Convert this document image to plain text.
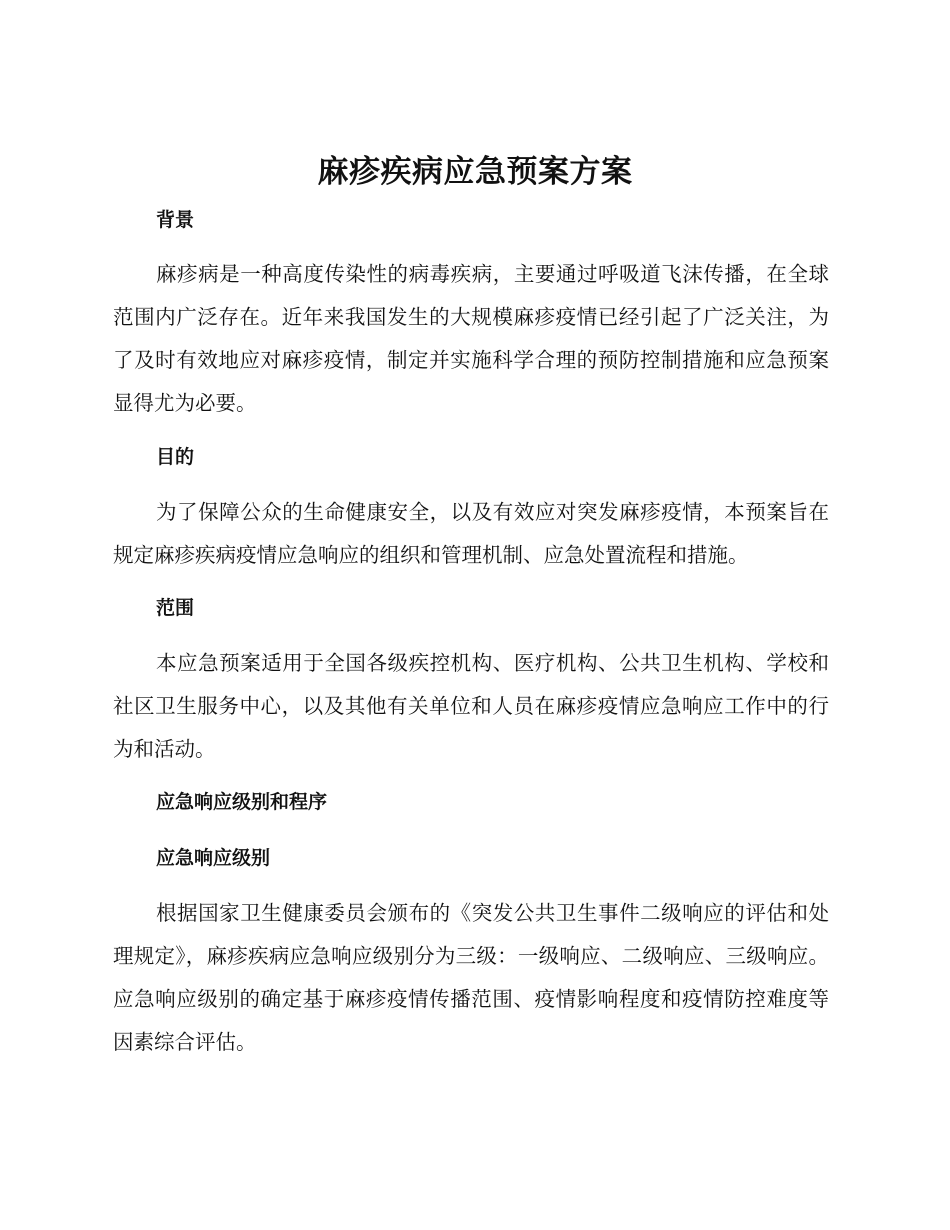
麻疹疾病应急预案方案
背景

麻疹病是一种高度传染性的病毒疾病，主要通过呼吸道飞沫传播，在全球范围内广泛存在。近年来我国发生的大规模麻疹疫情已经引起了广泛关注，为了及时有效地应对麻疹疫情，制定并实施科学合理的预防控制措施和应急预案显得尤为必要。

目的

为了保障公众的生命健康安全，以及有效应对突发麻疹疫情，本预案旨在规定麻疹疾病疫情应急响应的组织和管理机制、应急处置流程和措施。

范围

本应急预案适用于全国各级疾控机构、医疗机构、公共卫生机构、学校和社区卫生服务中心，以及其他有关单位和人员在麻疹疫情应急响应工作中的行为和活动。

应急响应级别和程序
应急响应级别

根据国家卫生健康委员会颁布的《突发公共卫生事件二级响应的评估和处理规定》，麻疹疾病应急响应级别分为三级：一级响应、二级响应、三级响应。应急响应级别的确定基于麻疹疫情传播范围、疫情影响程度和疫情防控难度等因素综合评估。
